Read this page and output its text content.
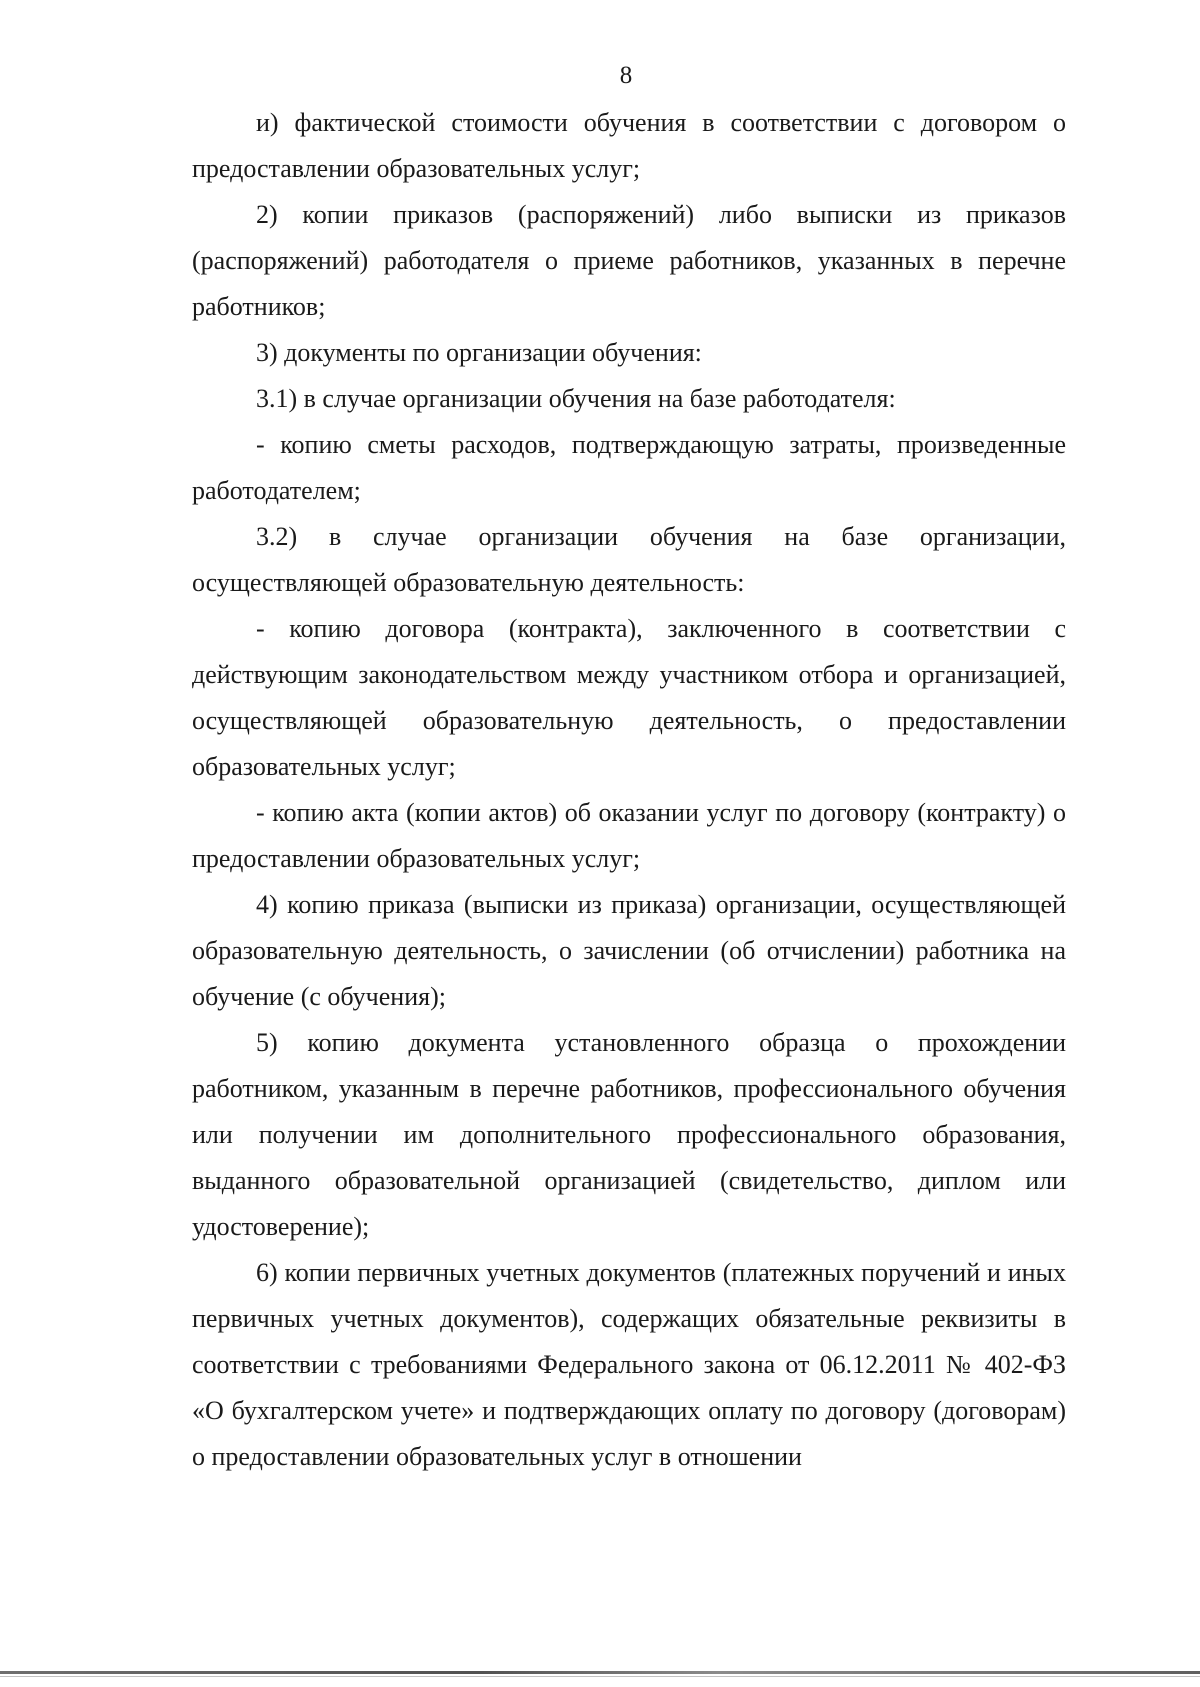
8

и) фактической стоимости обучения в соответствии с договором о предоставлении образовательных услуг;

2) копии приказов (распоряжений) либо выписки из приказов (распоряжений) работодателя о приеме работников, указанных в перечне работников;

3) документы по организации обучения:

3.1) в случае организации обучения на базе работодателя:

- копию сметы расходов, подтверждающую затраты, произведенные работодателем;

3.2) в случае организации обучения на базе организации, осуществляющей образовательную деятельность:

- копию договора (контракта), заключенного в соответствии с действующим законодательством между участником отбора и организацией, осуществляющей образовательную деятельность, о предоставлении образовательных услуг;

- копию акта (копии актов) об оказании услуг по договору (контракту) о предоставлении образовательных услуг;

4) копию приказа (выписки из приказа) организации, осуществляющей образовательную деятельность, о зачислении (об отчислении) работника на обучение (с обучения);

5) копию документа установленного образца о прохождении работником, указанным в перечне работников, профессионального обучения или получении им дополнительного профессионального образования, выданного образовательной организацией (свидетельство, диплом или удостоверение);

6) копии первичных учетных документов (платежных поручений и иных первичных учетных документов), содержащих обязательные реквизиты в соответствии с требованиями Федерального закона от 06.12.2011 № 402-ФЗ «О бухгалтерском учете» и подтверждающих оплату по договору (договорам) о предоставлении образовательных услуг в отношении
